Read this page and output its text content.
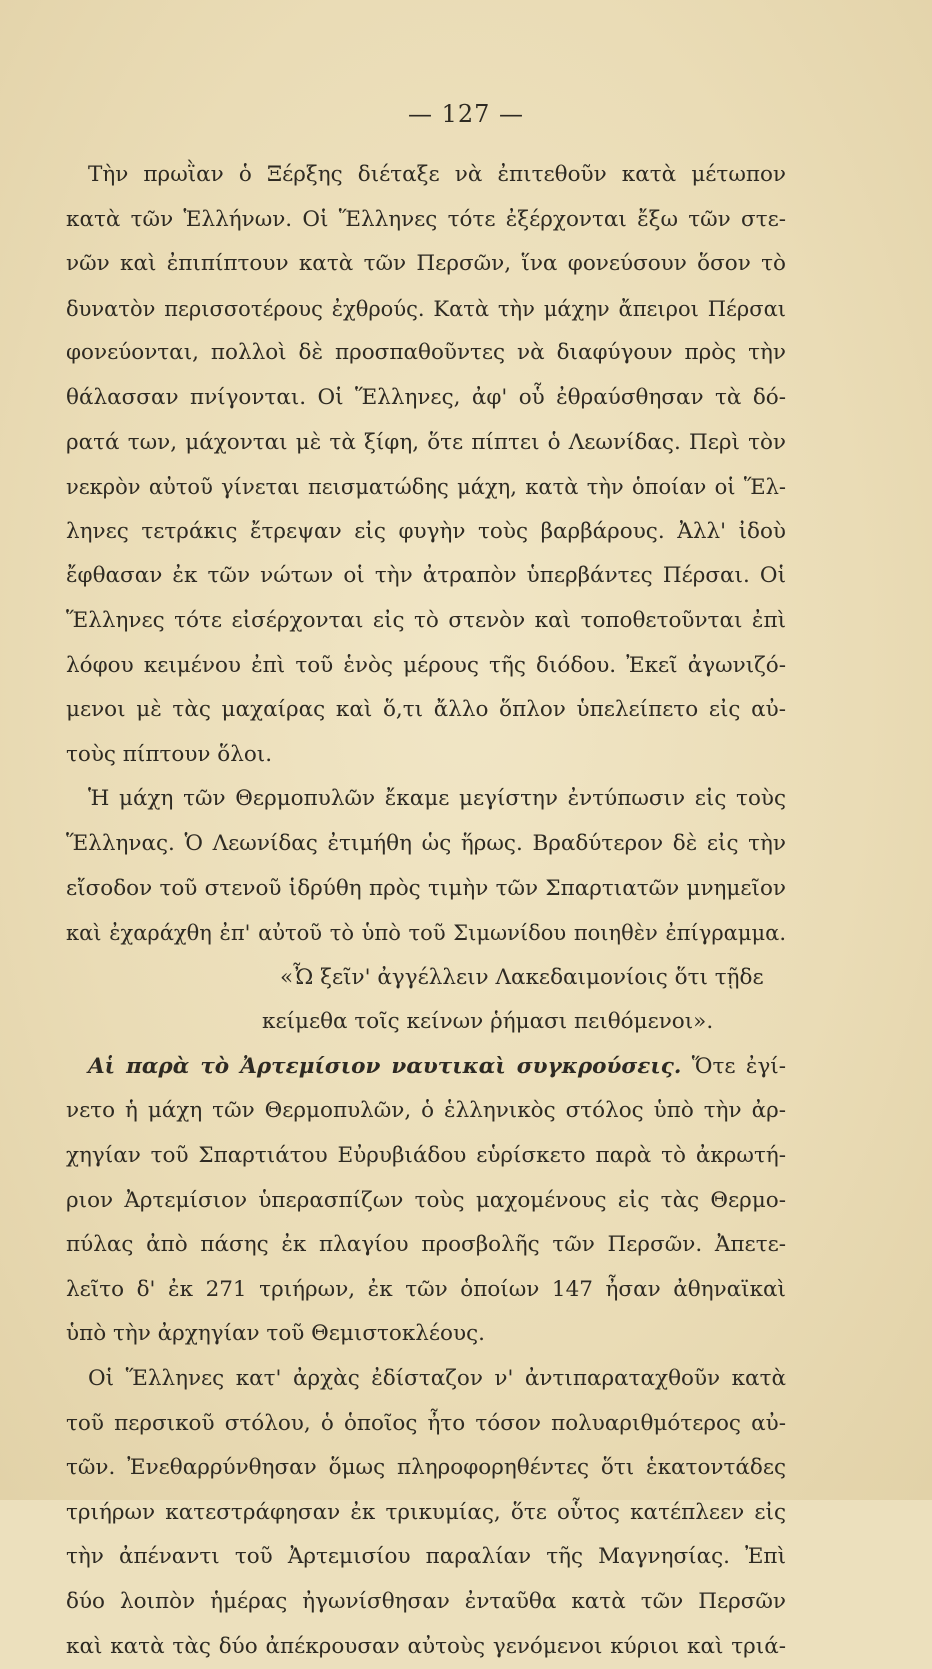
— 127 —
Τὴν πρωῒαν ὁ Ξέρξης διέταξε νὰ ἐπιτεθοῦν κατὰ μέτωπον
κατὰ τῶν Ἑλλήνων. Οἱ Ἕλληνες τότε ἐξέρχονται ἔξω τῶν στε-
νῶν καὶ ἐπιπίπτουν κατὰ τῶν Περσῶν, ἵνα φονεύσουν ὅσον τὸ
δυνατὸν περισσοτέρους ἐχθρούς. Κατὰ τὴν μάχην ἄπειροι Πέρσαι
φονεύονται, πολλοὶ δὲ προσπαθοῦντες νὰ διαφύγουν πρὸς τὴν
θάλασσαν πνίγονται. Οἱ Ἕλληνες, ἀφ' οὗ ἐθραύσθησαν τὰ δό-
ρατά των, μάχονται μὲ τὰ ξίφη, ὅτε πίπτει ὁ Λεωνίδας. Περὶ τὸν
νεκρὸν αὐτοῦ γίνεται πεισματώδης μάχη, κατὰ τὴν ὁποίαν οἱ Ἕλ-
ληνες τετράκις ἔτρεψαν εἰς φυγὴν τοὺς βαρβάρους. Ἀλλ' ἰδοὺ
ἔφθασαν ἐκ τῶν νώτων οἱ τὴν ἀτραπὸν ὑπερβάντες Πέρσαι. Οἱ
Ἕλληνες τότε εἰσέρχονται εἰς τὸ στενὸν καὶ τοποθετοῦνται ἐπὶ
λόφου κειμένου ἐπὶ τοῦ ἑνὸς μέρους τῆς διόδου. Ἐκεῖ ἀγωνιζό-
μενοι μὲ τὰς μαχαίρας καὶ ὅ,τι ἄλλο ὅπλον ὑπελείπετο εἰς αὐ-
τοὺς πίπτουν ὅλοι.
Ἡ μάχη τῶν Θερμοπυλῶν ἔκαμε μεγίστην ἐντύπωσιν εἰς τοὺς
Ἕλληνας. Ὁ Λεωνίδας ἐτιμήθη ὡς ἥρως. Βραδύτερον δὲ εἰς τὴν
εἴσοδον τοῦ στενοῦ ἱδρύθη πρὸς τιμὴν τῶν Σπαρτιατῶν μνημεῖον
καὶ ἐχαράχθη ἐπ' αὐτοῦ τὸ ὑπὸ τοῦ Σιμωνίδου ποιηθὲν ἐπίγραμμα.
«Ὦ ξεῖν' ἀγγέλλειν Λακεδαιμονίοις ὅτι τῇδε
κείμεθα τοῖς κείνων ῥήμασι πειθόμενοι».
Αἱ παρὰ τὸ Ἀρτεμίσιον ναυτικαὶ συγκρούσεις. Ὅτε ἐγί-
νετο ἡ μάχη τῶν Θερμοπυλῶν, ὁ ἑλληνικὸς στόλος ὑπὸ τὴν ἀρ-
χηγίαν τοῦ Σπαρτιάτου Εὐρυβιάδου εὑρίσκετο παρὰ τὸ ἀκρωτή-
ριον Ἀρτεμίσιον ὑπερασπίζων τοὺς μαχομένους εἰς τὰς Θερμο-
πύλας ἀπὸ πάσης ἐκ πλαγίου προσβολῆς τῶν Περσῶν. Ἀπετε-
λεῖτο δ' ἐκ 271 τριήρων, ἐκ τῶν ὁποίων 147 ἦσαν ἀθηναϊκαὶ
ὑπὸ τὴν ἀρχηγίαν τοῦ Θεμιστοκλέους.
Οἱ Ἕλληνες κατ' ἀρχὰς ἐδίσταζον ν' ἀντιπαραταχθοῦν κατὰ
τοῦ περσικοῦ στόλου, ὁ ὁποῖος ἦτο τόσον πολυαριθμότερος αὐ-
τῶν. Ἐνεθαρρύνθησαν ὅμως πληροφορηθέντες ὅτι ἑκατοντάδες
τριήρων κατεστράφησαν ἐκ τρικυμίας, ὅτε οὗτος κατέπλεεν εἰς
τὴν ἀπέναντι τοῦ Ἀρτεμισίου παραλίαν τῆς Μαγνησίας. Ἐπὶ
δύο λοιπὸν ἡμέρας ἠγωνίσθησαν ἐνταῦθα κατὰ τῶν Περσῶν
καὶ κατὰ τὰς δύο ἀπέκρουσαν αὐτοὺς γενόμενοι κύριοι καὶ τριά-
